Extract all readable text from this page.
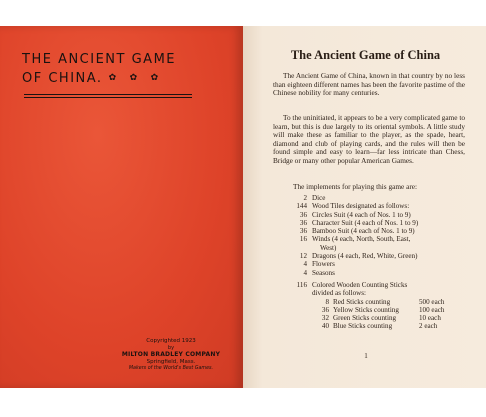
THE ANCIENT GAME
OF CHINA. ✿ ✿ ✿
Copyrighted 1923
by
MILTON BRADLEY COMPANY
Springfield, Mass.
Makers of the World's Best Games.
The Ancient Game of China

The Ancient Game of China, known in that country by no less than eighteen different names has been the favorite pastime of the Chinese nobility for many centuries.

To the uninitiated, it appears to be a very complicated game to learn, but this is due largely to its oriental symbols. A little study will make these as familiar to the player, as the spade, heart, diamond and club of playing cards, and the rules will then be found simple and easy to learn—far less intricate than Chess, Bridge or many other popular American Games.

The implements for playing this game are:

2 Dice
144 Wood Tiles designated as follows:
36 Circles Suit (4 each of Nos. 1 to 9)
36 Character Suit (4 each of Nos. 1 to 9)
36 Bamboo Suit (4 each of Nos. 1 to 9)
16 Winds (4 each, North, South, East,
West)
12 Dragons (4 each, Red, White, Green)
4 Flowers
4 Seasons
116 Colored Wooden Counting Sticks
divided as follows:
8 Red Sticks counting	500 each
36 Yellow Sticks counting	100 each
32 Green Sticks counting	10 each
40 Blue Sticks counting	2 each
1
